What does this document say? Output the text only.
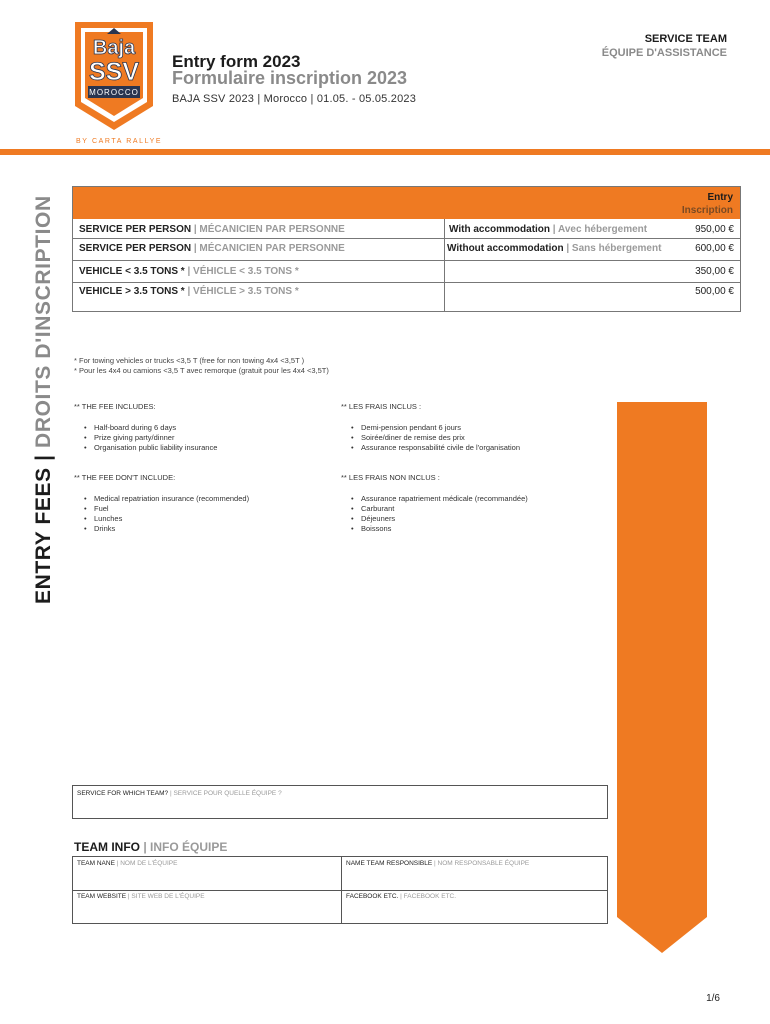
Baja
SSV
MOROCCO
BY CARTA RALLYE
Entry form 2023
Formulaire inscription 2023
BAJA SSV 2023 | Morocco | 01.05. - 05.05.2023
SERVICE TEAM
ÉQUIPE D'ASSISTANCE
ENTRY FEES | DROITS D'INSCRIPTION	Entry
Inscription
SERVICE PER PERSON | MÉCANICIEN PAR PERSONNE	With accommodation | Avec hébergement	950,00 €
SERVICE PER PERSON | MÉCANICIEN PAR PERSONNE	Without accommodation | Sans hébergement	600,00 €
VEHICLE < 3.5 TONS * | VÉHICLE < 3.5 TONS *	350,00 €
VEHICLE > 3.5 TONS * | VÉHICLE > 3.5 TONS *	500,00 €
* For towing vehicles or trucks <3,5 T (free for non towing 4x4 <3,5T )
* Pour les 4x4 ou camions <3,5 T avec remorque (gratuit pour les 4x4 <3,5T)
** THE FEE INCLUDES:
• Half-board during 6 days
• Prize giving party/dinner
• Organisation public liability insurance
** LES FRAIS INCLUS :
• Demi-pension pendant 6 jours
• Soirée/diner de remise des prix
• Assurance responsabilité civile de l'organisation
** THE FEE DON'T INCLUDE:
• Medical repatriation insurance (recommended)
• Fuel
• Lunches
• Drinks
** LES FRAIS NON INCLUS :
• Assurance rapatriement médicale (recommandée)
• Carburant
• Déjeuners
• Boissons
SERVICE FOR WHICH TEAM? | SERVICE POUR QUELLE ÉQUIPE ?
TEAM INFO | INFO ÉQUIPE
TEAM NANE | NOM DE L'ÉQUIPE	NAME TEAM RESPONSIBLE | NOM RESPONSABLE ÉQUIPE
TEAM WEBSITE | SITE WEB DE L'ÉQUIPE	FACEBOOK ETC. | FACEBOOK ETC.
1/6
